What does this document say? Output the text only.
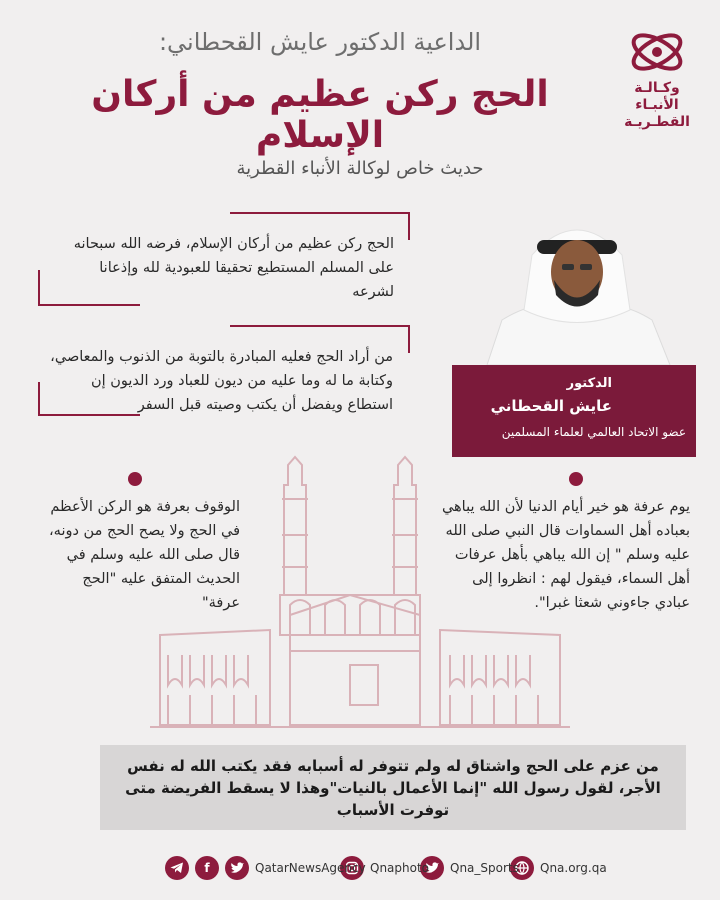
وكـالـة الأنبـاء
القطـريـة
الداعية الدكتور عايش القحطاني:
الحج ركن عظيم من أركان الإسلام
حديث خاص لوكالة الأنباء القطرية
الحج ركن عظيم من أركان الإسلام، فرضه الله سبحانه على المسلم المستطيع تحقيقا للعبودية لله وإذعانا لشرعه
من أراد الحج فعليه المبادرة بالتوبة من الذنوب والمعاصي، وكتابة ما له وما عليه من ديون للعباد ورد الديون إن استطاع ويفضل أن يكتب وصيته قبل السفر
الدكتور
عايش القحطاني
عضو الاتحاد العالمي لعلماء المسلمين
الوقوف بعرفة هو الركن الأعظم في الحج ولا يصح الحج من دونه، قال صلى الله عليه وسلم في الحديث المتفق عليه "الحج عرفة"
يوم عرفة هو خير أيام الدنيا لأن الله يباهي بعباده أهل السماوات قال النبي صلى الله عليه وسلم " إن الله يباهي بأهل عرفات أهل السماء، فيقول لهم : انظروا إلى عبادي جاءوني شعثا غبرا".

من عزم على الحج واشتاق له ولم تتوفر له أسبابه فقد يكتب الله له نفس الأجر، لقول رسول الله "إنما الأعمال بالنيات"وهذا لا يسقط الفريضة متى توفرت الأسباب

Qna.org.qa
Qna_Sports
Qnaphoto
f	QatarNewsAgency
